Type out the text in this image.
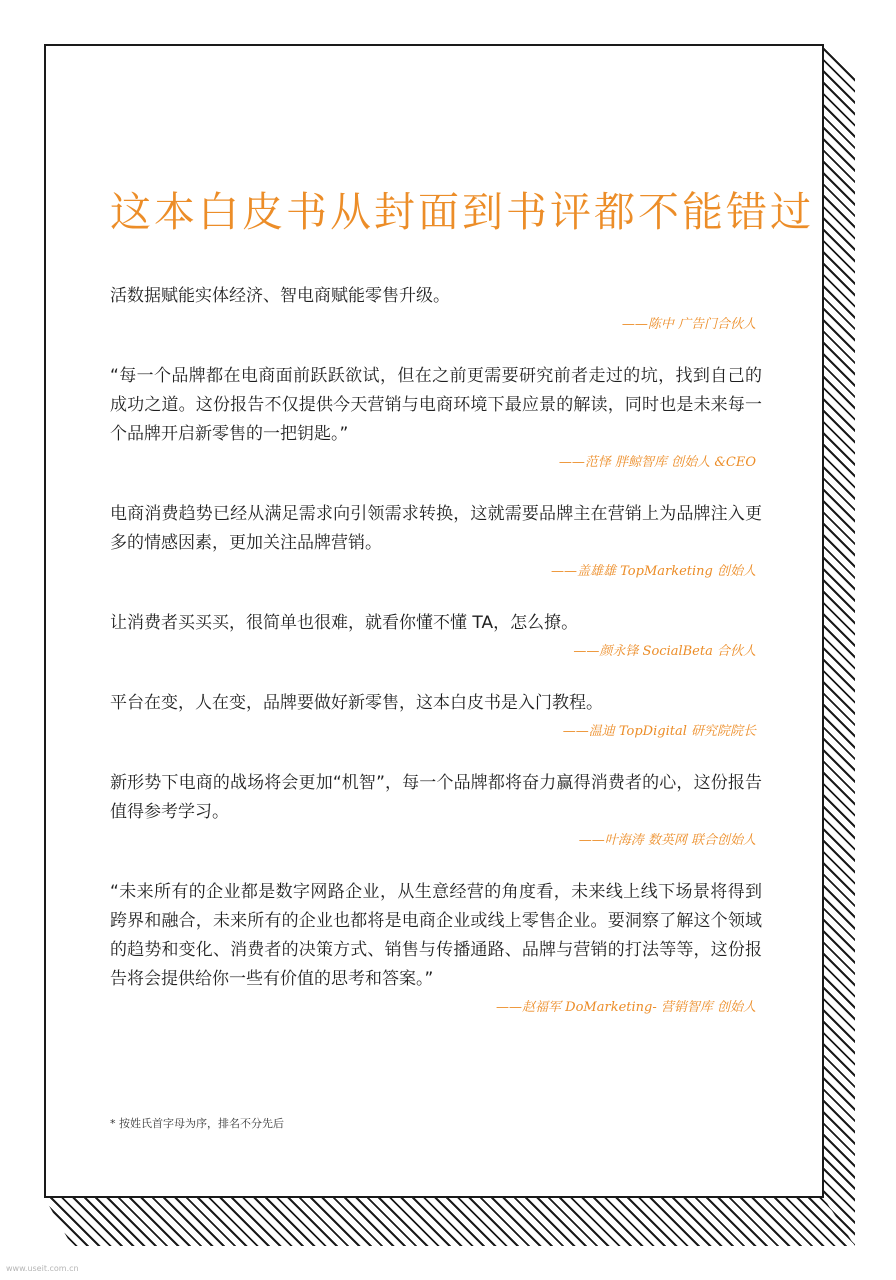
这本白皮书从封面到书评都不能错过

活数据赋能实体经济、智电商赋能零售升级。

——陈中 广告门合伙人

“每一个品牌都在电商面前跃跃欲试，但在之前更需要研究前者走过的坑，找到自己的成功之道。这份报告不仅提供今天营销与电商环境下最应景的解读，同时也是未来每一个品牌开启新零售的一把钥匙。”

——范怿 胖鲸智库 创始人 &CEO

电商消费趋势已经从满足需求向引领需求转换，这就需要品牌主在营销上为品牌注入更多的情感因素，更加关注品牌营销。

——盖雄雄 TopMarketing 创始人

让消费者买买买，很简单也很难，就看你懂不懂 TA，怎么撩。

——颜永锋 SocialBeta 合伙人

平台在变，人在变，品牌要做好新零售，这本白皮书是入门教程。

——温迪 TopDigital 研究院院长

新形势下电商的战场将会更加“机智”，每一个品牌都将奋力赢得消费者的心，这份报告值得参考学习。

——叶海涛 数英网 联合创始人

“未来所有的企业都是数字网路企业，从生意经营的角度看，未来线上线下场景将得到跨界和融合，未来所有的企业也都将是电商企业或线上零售企业。要洞察了解这个领域的趋势和变化、消费者的决策方式、销售与传播通路、品牌与营销的打法等等，这份报告将会提供给你一些有价值的思考和答案。”

——赵福军 DoMarketing- 营销智库 创始人

* 按姓氏首字母为序，排名不分先后
www.useit.com.cn
